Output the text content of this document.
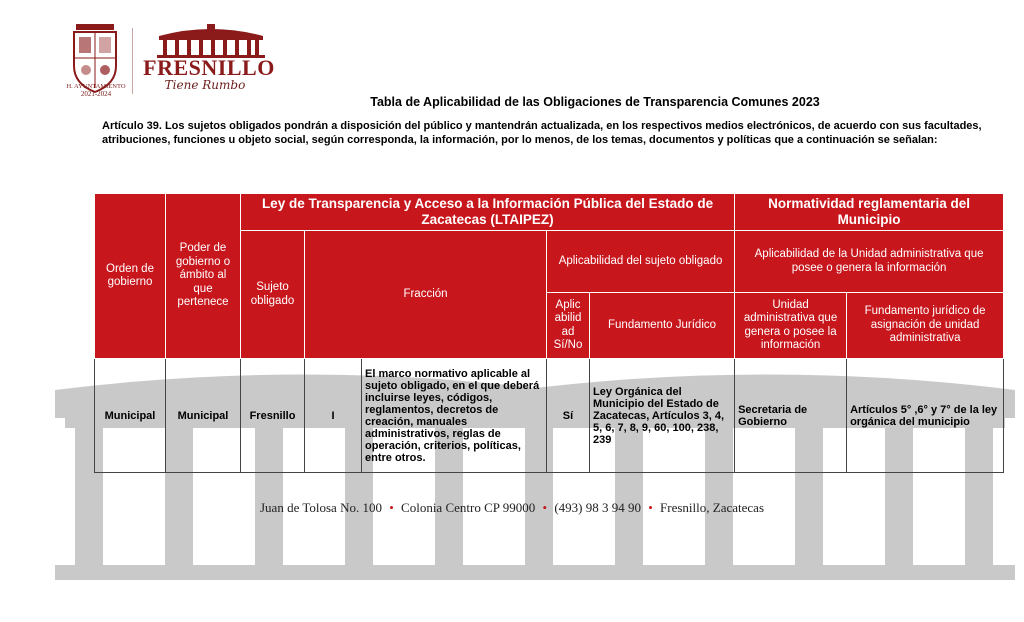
H. AYUNTAMIENTO
2021-2024
FRESNILLO
Tiene Rumbo
Tabla de Aplicabilidad de las Obligaciones de Transparencia Comunes 2023
Artículo 39. Los sujetos obligados pondrán a disposición del público y mantendrán actualizada, en los respectivos medios electrónicos, de acuerdo con sus facultades, atribuciones, funciones u objeto social, según corresponda, la información, por lo menos, de los temas, documentos y políticas que a continuación se señalan:
Orden de gobierno	Poder de gobierno o ámbito al que pertenece	Ley de Transparencia y Acceso a la Información Pública del Estado de Zacatecas (LTAIPEZ)					Normatividad reglamentaria del Municipio	
		Sujeto obligado	Fracción		Aplicabilidad del sujeto obligado		Aplicabilidad de la Unidad administrativa que posee o genera la información	
					Aplic abilid ad Sí/No	Fundamento Jurídico	Unidad administrativa que genera o posee la información	Fundamento jurídico de asignación de unidad administrativa
Municipal	Municipal	Fresnillo	I	El marco normativo aplicable al sujeto obligado, en el que deberá incluirse leyes, códigos, reglamentos, decretos de creación, manuales administrativos, reglas de operación, criterios, políticas, entre otros.	Sí	Ley Orgánica del Municipio del Estado de Zacatecas, Artículos 3, 4, 5, 6, 7, 8, 9, 60, 100, 238, 239	Secretaria de Gobierno	Artículos 5° ,6° y 7° de la ley orgánica del municipio
Juan de Tolosa No. 100 • Colonia Centro CP 99000 • (493) 98 3 94 90 • Fresnillo, Zacatecas
